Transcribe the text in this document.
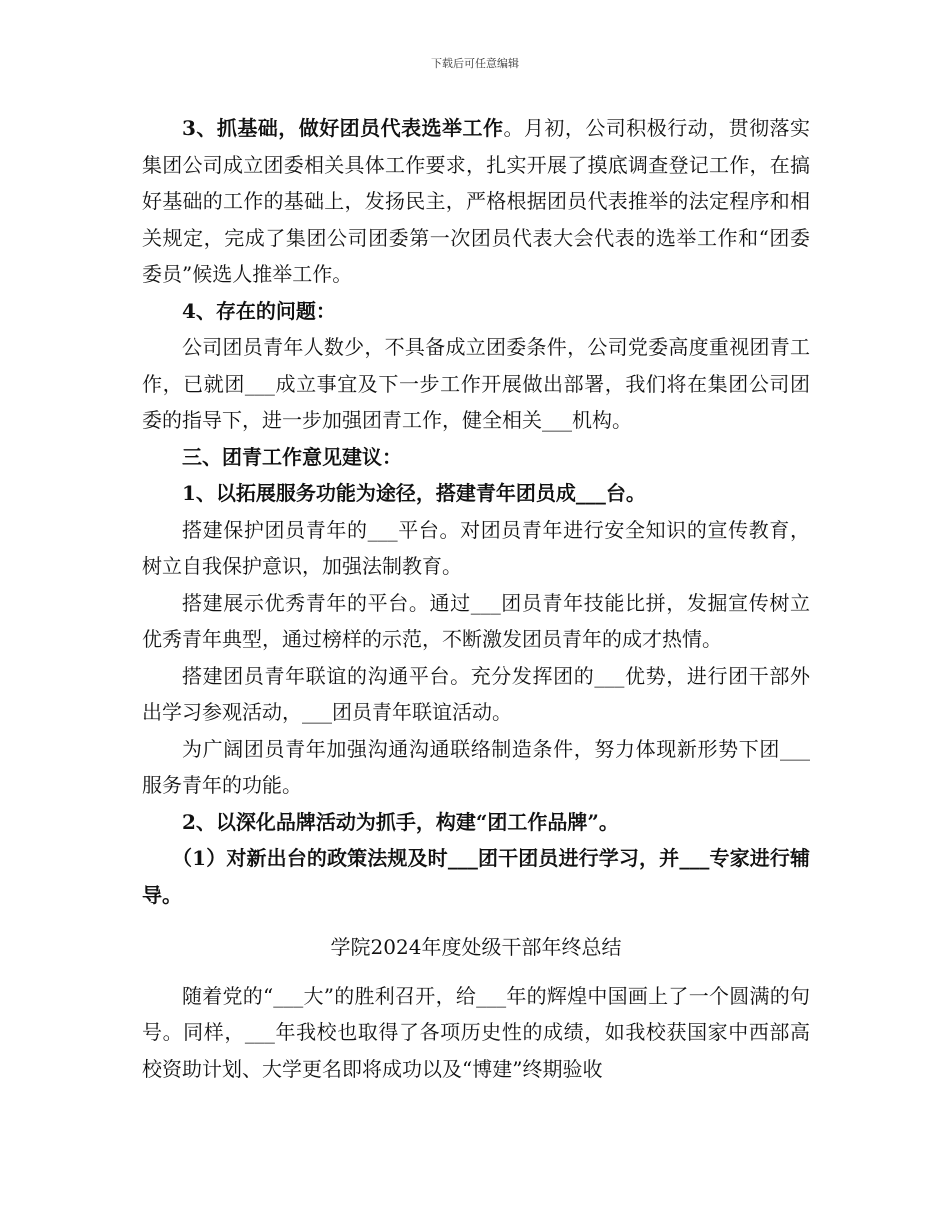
下载后可任意编辑

3、抓基础，做好团员代表选举工作。月初，公司积极行动，贯彻落实集团公司成立团委相关具体工作要求，扎实开展了摸底调查登记工作，在搞好基础的工作的基础上，发扬民主，严格根据团员代表推举的法定程序和相关规定，完成了集团公司团委第一次团员代表大会代表的选举工作和“团委委员”候选人推举工作。

4、存在的问题：

公司团员青年人数少，不具备成立团委条件，公司党委高度重视团青工作，已就团___成立事宜及下一步工作开展做出部署，我们将在集团公司团委的指导下，进一步加强团青工作，健全相关___机构。

三、团青工作意见建议：

1、以拓展服务功能为途径，搭建青年团员成___台。

搭建保护团员青年的___平台。对团员青年进行安全知识的宣传教育，树立自我保护意识，加强法制教育。

搭建展示优秀青年的平台。通过___团员青年技能比拼，发掘宣传树立优秀青年典型，通过榜样的示范，不断激发团员青年的成才热情。

搭建团员青年联谊的沟通平台。充分发挥团的___优势，进行团干部外出学习参观活动，___团员青年联谊活动。

为广阔团员青年加强沟通沟通联络制造条件，努力体现新形势下团___服务青年的功能。

2、以深化品牌活动为抓手，构建“团工作品牌”。

（1）对新出台的政策法规及时___团干团员进行学习，并___专家进行辅导。

学院2024年度处级干部年终总结

随着党的“___大”的胜利召开，给___年的辉煌中国画上了一个圆满的句号。同样，___年我校也取得了各项历史性的成绩，如我校获国家中西部高校资助计划、大学更名即将成功以及“博建”终期验收
